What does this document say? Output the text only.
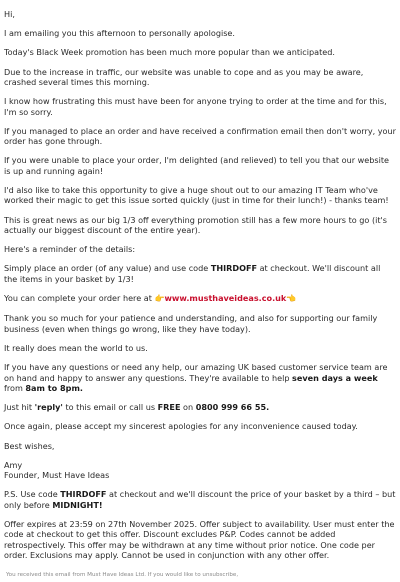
Hi,

I am emailing you this afternoon to personally apologise.

Today's Black Week promotion has been much more popular than we anticipated.

Due to the increase in traffic, our website was unable to cope and as you may be aware, crashed several times this morning.

I know how frustrating this must have been for anyone trying to order at the time and for this, I'm so sorry.

If you managed to place an order and have received a confirmation email then don't worry, your order has gone through.

If you were unable to place your order, I'm delighted (and relieved) to tell you that our website is up and running again!

I'd also like to take this opportunity to give a huge shout out to our amazing IT Team who've worked their magic to get this issue sorted quickly (just in time for their lunch!) - thanks team!

This is great news as our big 1/3 off everything promotion still has a few more hours to go (it's actually our biggest discount of the entire year).

Here's a reminder of the details:

Simply place an order (of any value) and use code THIRDOFF at checkout. We'll discount all the items in your basket by 1/3!

You can complete your order here at 👉www.musthaveideas.co.uk👈

Thank you so much for your patience and understanding, and also for supporting our family business (even when things go wrong, like they have today).

It really does mean the world to us.

If you have any questions or need any help, our amazing UK based customer service team are on hand and happy to answer any questions. They're available to help seven days a week from 8am to 8pm.

Just hit 'reply' to this email or call us FREE on 0800 999 66 55.

Once again, please accept my sincerest apologies for any inconvenience caused today.

Best wishes,

Amy

Founder, Must Have Ideas

P.S. Use code THIRDOFF at checkout and we'll discount the price of your basket by a third – but only before MIDNIGHT!

Offer expires at 23:59 on 27th November 2025. Offer subject to availability. User must enter the code at checkout to get this offer. Discount excludes P&P. Codes cannot be added retrospectively. This offer may be withdrawn at any time without prior notice. One code per order. Exclusions may apply. Cannot be used in conjunction with any other offer.

You received this email from Must Have Ideas Ltd. If you would like to unsubscribe,
